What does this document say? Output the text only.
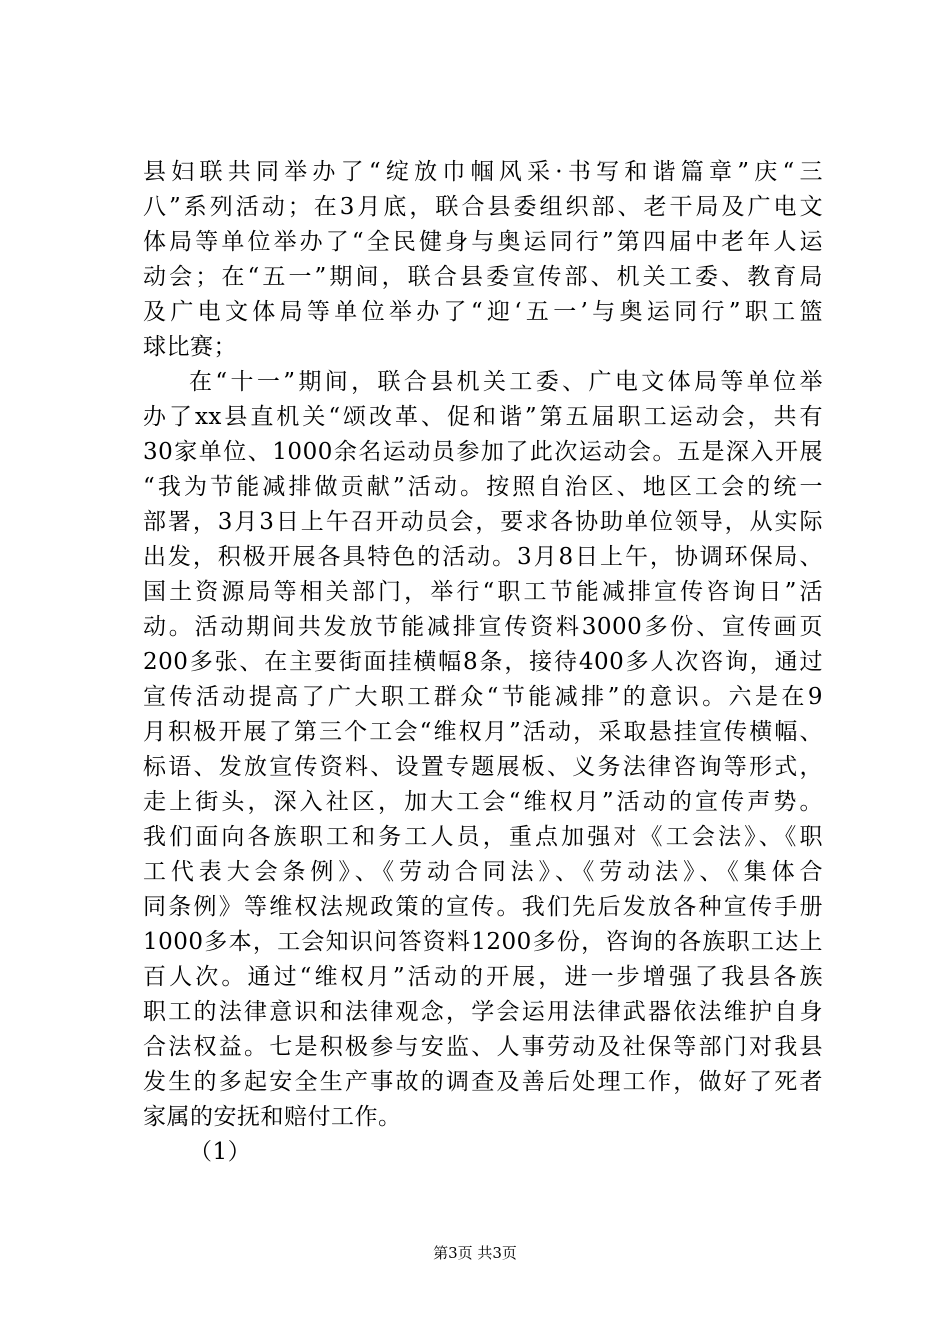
县妇联共同举办了“绽放巾帼风采·书写和谐篇章”庆“三
八”系列活动；在3月底，联合县委组织部、老干局及广电文
体局等单位举办了“全民健身与奥运同行”第四届中老年人运
动会；在“五一”期间，联合县委宣传部、机关工委、教育局
及广电文体局等单位举办了“迎‘五一’与奥运同行”职工篮
球比赛；
在“十一”期间，联合县机关工委、广电文体局等单位举
办了xx县直机关“颂改革、促和谐”第五届职工运动会，共有
30家单位、1000余名运动员参加了此次运动会。五是深入开展
“我为节能减排做贡献”活动。按照自治区、地区工会的统一
部署，3月3日上午召开动员会，要求各协助单位领导，从实际
出发，积极开展各具特色的活动。3月8日上午，协调环保局、
国土资源局等相关部门，举行“职工节能减排宣传咨询日”活
动。活动期间共发放节能减排宣传资料3000多份、宣传画页
200多张、在主要街面挂横幅8条，接待400多人次咨询，通过
宣传活动提高了广大职工群众“节能减排”的意识。六是在9
月积极开展了第三个工会“维权月”活动，采取悬挂宣传横幅、
标语、发放宣传资料、设置专题展板、义务法律咨询等形式，
走上街头，深入社区，加大工会“维权月”活动的宣传声势。
我们面向各族职工和务工人员，重点加强对《工会法》、《职
工代表大会条例》、《劳动合同法》、《劳动法》、《集体合
同条例》等维权法规政策的宣传。我们先后发放各种宣传手册
1000多本，工会知识问答资料1200多份，咨询的各族职工达上
百人次。通过“维权月”活动的开展，进一步增强了我县各族
职工的法律意识和法律观念，学会运用法律武器依法维护自身
合法权益。七是积极参与安监、人事劳动及社保等部门对我县
发生的多起安全生产事故的调查及善后处理工作，做好了死者
家属的安抚和赔付工作。
（1）
第3页 共3页
